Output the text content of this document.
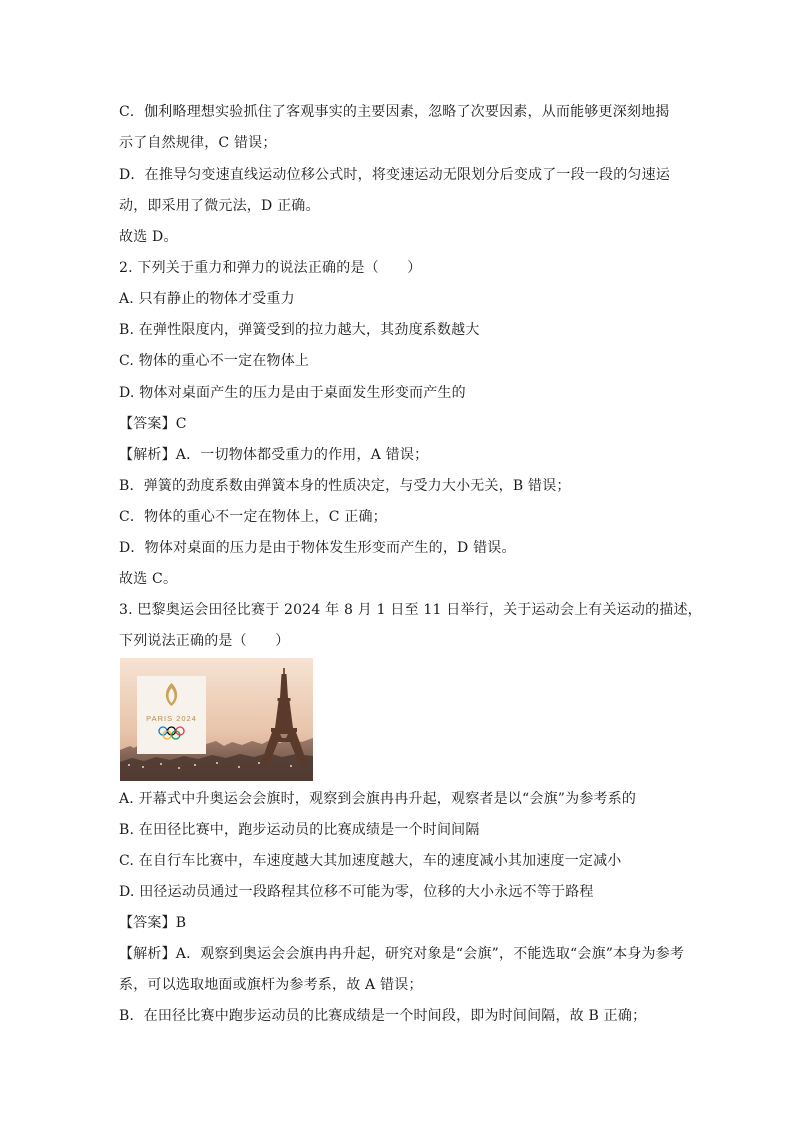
C．伽利略理想实验抓住了客观事实的主要因素，忽略了次要因素，从而能够更深刻地揭
示了自然规律，C 错误；
D．在推导匀变速直线运动位移公式时，将变速运动无限划分后变成了一段一段的匀速运
动，即采用了微元法，D 正确。
故选 D。
2. 下列关于重力和弹力的说法正确的是（　　）
A. 只有静止的物体才受重力
B. 在弹性限度内，弹簧受到的拉力越大，其劲度系数越大
C. 物体的重心不一定在物体上
D. 物体对桌面产生的压力是由于桌面发生形变而产生的
【答案】C
【解析】A．一切物体都受重力的作用，A 错误；
B．弹簧的劲度系数由弹簧本身的性质决定，与受力大小无关，B 错误；
C．物体的重心不一定在物体上，C 正确；
D．物体对桌面的压力是由于物体发生形变而产生的，D 错误。
故选 C。
3. 巴黎奥运会田径比赛于 2024 年 8 月 1 日至 11 日举行，关于运动会上有关运动的描述，
下列说法正确的是（　　）
PARIS 2024
A. 开幕式中升奥运会会旗时，观察到会旗冉冉升起，观察者是以“会旗”为参考系的
B. 在田径比赛中，跑步运动员的比赛成绩是一个时间间隔
C. 在自行车比赛中，车速度越大其加速度越大，车的速度减小其加速度一定减小
D. 田径运动员通过一段路程其位移不可能为零，位移的大小永远不等于路程
【答案】B
【解析】A．观察到奥运会会旗冉冉升起，研究对象是“会旗”，不能选取“会旗”本身为参考
系，可以选取地面或旗杆为参考系，故 A 错误；
B．在田径比赛中跑步运动员的比赛成绩是一个时间段，即为时间间隔，故 B 正确；
